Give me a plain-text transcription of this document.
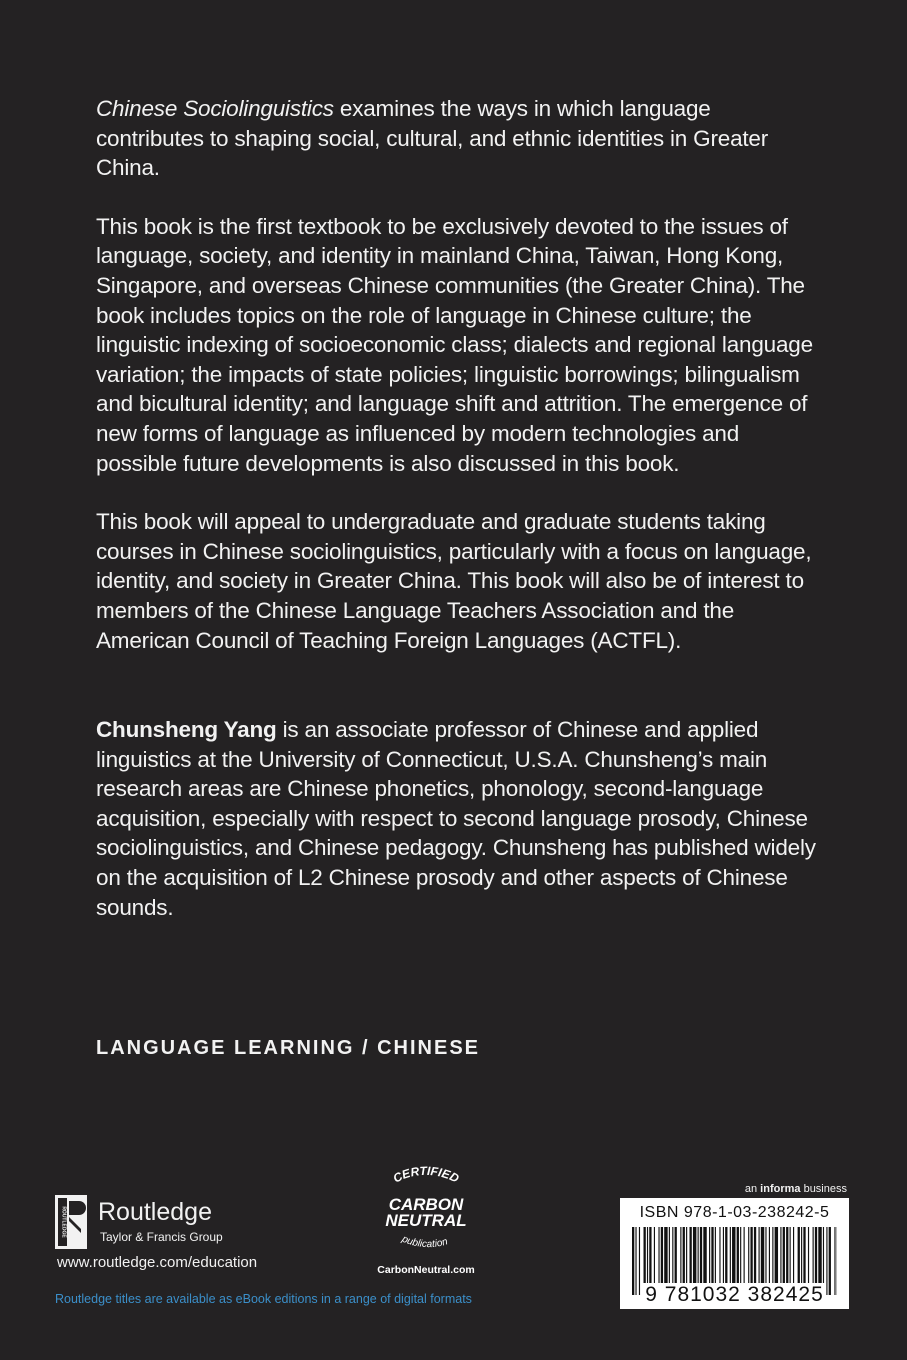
Chinese Sociolinguistics examines the ways in which language contributes to shaping social, cultural, and ethnic identities in Greater China.

This book is the first textbook to be exclusively devoted to the issues of language, society, and identity in mainland China, Taiwan, Hong Kong, Singapore, and overseas Chinese communities (the Greater China). The book includes topics on the role of language in Chinese culture; the linguistic indexing of socioeconomic class; dialects and regional language variation; the impacts of state policies; linguistic borrowings; bilingualism and bicultural identity; and language shift and attrition. The emergence of new forms of language as influenced by modern technologies and possible future developments is also discussed in this book.

This book will appeal to undergraduate and graduate students taking courses in Chinese sociolinguistics, particularly with a focus on language, identity, and society in Greater China. This book will also be of interest to members of the Chinese Language Teachers Association and the American Council of Teaching Foreign Languages (ACTFL).

Chunsheng Yang is an associate professor of Chinese and applied linguistics at the University of Connecticut, U.S.A. Chunsheng’s main research areas are Chinese phonetics, phonology, second-language acquisition, especially with respect to second language prosody, Chinese sociolinguistics, and Chinese pedagogy. Chunsheng has published widely on the acquisition of L2 Chinese prosody and other aspects of Chinese sounds.

LANGUAGE LEARNING / CHINESE
ROUTLEDGE Routledge
Taylor & Francis Group
www.routledge.com/education
Routledge titles are available as eBook editions in a range of digital formats
CERTIFIED
CARBON
NEUTRAL
publication
CarbonNeutral.com
an informa business
ISBN 978-1-03-238242-5
9 781032 382425
